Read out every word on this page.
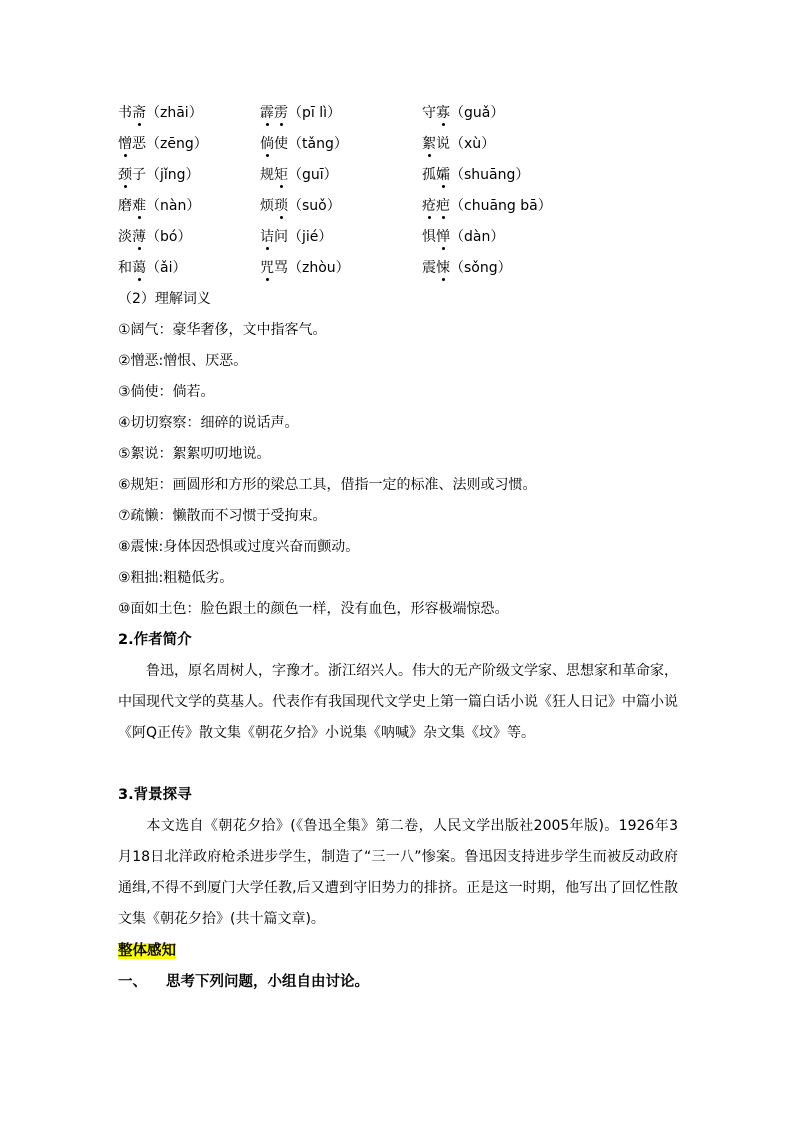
书斋（zhāi）	霹雳（pī lì）	守寡（guǎ）
憎恶（zēng）	倘使（tǎng）	絮说（xù）
颈子（jǐng）	规矩（guī）	孤孀（shuāng）
磨难（nàn）	烦琐（suǒ）	疮疤（chuāng bā）
淡薄（bó）	诘问（jié）	惧惮（dàn）
和蔼（ǎi）	咒骂（zhòu）	震悚（sǒng）
（2）理解词义
①阔气：豪华奢侈，文中指客气。
②憎恶:憎恨、厌恶。
③倘使：倘若。
④切切察察：细碎的说话声。
⑤絮说：絮絮叨叨地说。
⑥规矩：画圆形和方形的梁总工具，借指一定的标准、法则或习惯。
⑦疏懒：懒散而不习惯于受拘束。
⑧震悚:身体因恐惧或过度兴奋而颤动。
⑨粗拙:粗糙低劣。
⑩面如土色：脸色跟土的颜色一样，没有血色，形容极端惊恐。
2.作者简介
鲁迅，原名周树人，字豫才。浙江绍兴人。伟大的无产阶级文学家、思想家和革命家，中国现代文学的莫基人。代表作有我国现代文学史上第一篇白话小说《狂人日记》中篇小说《阿Q正传》散文集《朝花夕拾》小说集《呐喊》杂文集《坟》等。
3.背景探寻
本文选自《朝花夕拾》(《鲁迅全集》第二卷，人民文学出版社2005年版)。1926年3月18日北洋政府枪杀进步学生，制造了“三一八”惨案。鲁迅因支持进步学生而被反动政府通缉,不得不到厦门大学任教,后又遭到守旧势力的排挤。正是这一时期，他写出了回忆性散文集《朝花夕拾》(共十篇文章)。
整体感知
一、 思考下列问题，小组自由讨论。
